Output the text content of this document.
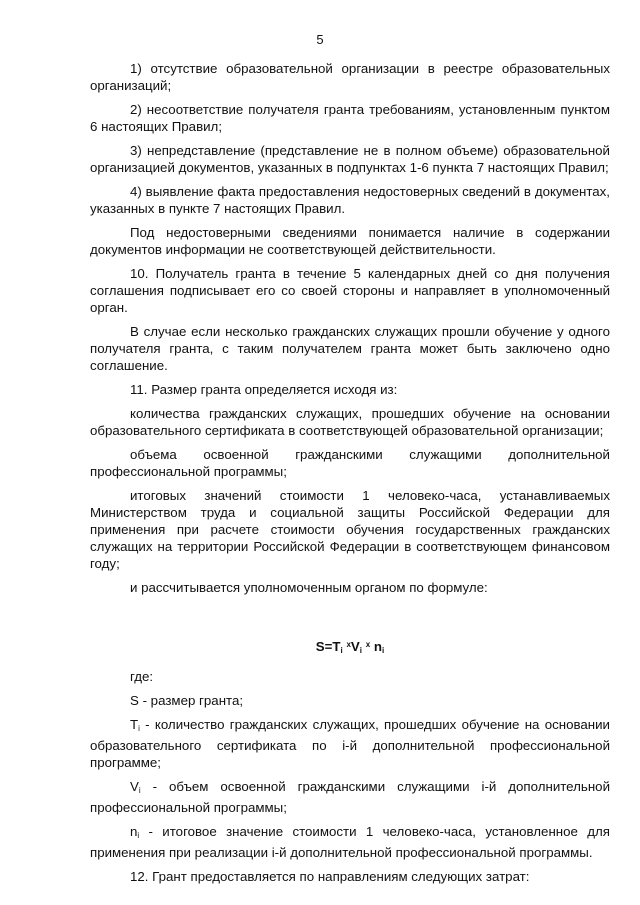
5

1) отсутствие образовательной организации в реестре образовательных организаций;

2) несоответствие получателя гранта требованиям, установленным пунктом 6 настоящих Правил;

3) непредставление (представление не в полном объеме) образовательной организацией документов, указанных в подпунктах 1-6 пункта 7 настоящих Правил;

4) выявление факта предоставления недостоверных сведений в документах, указанных в пункте 7 настоящих Правил.

Под недостоверными сведениями понимается наличие в содержании документов информации не соответствующей действительности.

10. Получатель гранта в течение 5 календарных дней со дня получения соглашения подписывает его со своей стороны и направляет в уполномоченный орган.

В случае если несколько гражданских служащих прошли обучение у одного получателя гранта, с таким получателем гранта может быть заключено одно соглашение.

11. Размер гранта определяется исходя из:

количества гражданских служащих, прошедших обучение на основании образовательного сертификата в соответствующей образовательной организации;

объема освоенной гражданскими служащими дополнительной профессиональной программы;

итоговых значений стоимости 1 человеко-часа, устанавливаемых Министерством труда и социальной защиты Российской Федерации для применения при расчете стоимости обучения государственных гражданских служащих на территории Российской Федерации в соответствующем финансовом году;

и рассчитывается уполномоченным органом по формуле:

$S=T_i$ $^xV_i$ $^x$ $n_i$

где:

S - размер гранта;

$T_i$ - количество гражданских служащих, прошедших обучение на основании образовательного сертификата по i-й дополнительной профессиональной программе;

$V_i$ - объем освоенной гражданскими служащими i-й дополнительной профессиональной программы;

$n_i$ - итоговое значение стоимости 1 человеко-часа, установленное для применения при реализации i-й дополнительной профессиональной программы.

12. Грант предоставляется по направлениям следующих затрат:
